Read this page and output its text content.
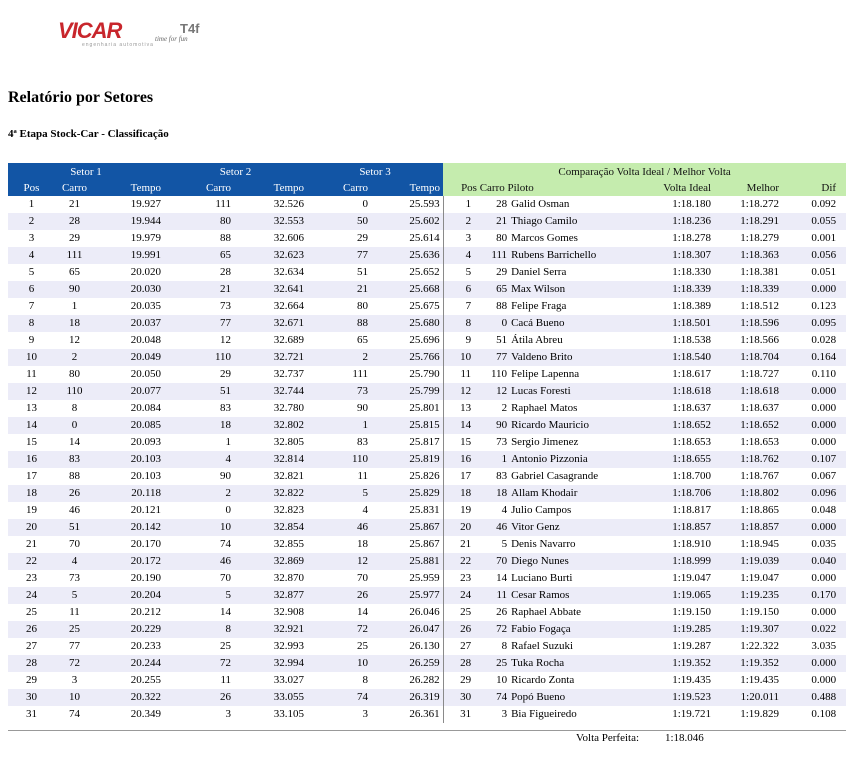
VICAR
engenharia automotiva
T4f
time for fun
Relatório por Setores
4ª Etapa Stock-Car - Classificação
Setor 1			Setor 2		Setor 3		Comparação Volta Ideal / Melhor Volta					
Pos	Carro	Tempo	Carro	Tempo	Carro	Tempo	Pos Carro Piloto			Volta Ideal	Melhor	Dif
1	21	19.927	111	32.526	0	25.593	1	28	Galid Osman	1:18.180	1:18.272	0.092
2	28	19.944	80	32.553	50	25.602	2	21	Thiago Camilo	1:18.236	1:18.291	0.055
3	29	19.979	88	32.606	29	25.614	3	80	Marcos Gomes	1:18.278	1:18.279	0.001
4	111	19.991	65	32.623	77	25.636	4	111	Rubens Barrichello	1:18.307	1:18.363	0.056
5	65	20.020	28	32.634	51	25.652	5	29	Daniel Serra	1:18.330	1:18.381	0.051
6	90	20.030	21	32.641	21	25.668	6	65	Max Wilson	1:18.339	1:18.339	0.000
7	1	20.035	73	32.664	80	25.675	7	88	Felipe Fraga	1:18.389	1:18.512	0.123
8	18	20.037	77	32.671	88	25.680	8	0	Cacá Bueno	1:18.501	1:18.596	0.095
9	12	20.048	12	32.689	65	25.696	9	51	Átila Abreu	1:18.538	1:18.566	0.028
10	2	20.049	110	32.721	2	25.766	10	77	Valdeno Brito	1:18.540	1:18.704	0.164
11	80	20.050	29	32.737	111	25.790	11	110	Felipe Lapenna	1:18.617	1:18.727	0.110
12	110	20.077	51	32.744	73	25.799	12	12	Lucas Foresti	1:18.618	1:18.618	0.000
13	8	20.084	83	32.780	90	25.801	13	2	Raphael Matos	1:18.637	1:18.637	0.000
14	0	20.085	18	32.802	1	25.815	14	90	Ricardo Mauricio	1:18.652	1:18.652	0.000
15	14	20.093	1	32.805	83	25.817	15	73	Sergio Jimenez	1:18.653	1:18.653	0.000
16	83	20.103	4	32.814	110	25.819	16	1	Antonio Pizzonia	1:18.655	1:18.762	0.107
17	88	20.103	90	32.821	11	25.826	17	83	Gabriel Casagrande	1:18.700	1:18.767	0.067
18	26	20.118	2	32.822	5	25.829	18	18	Allam Khodair	1:18.706	1:18.802	0.096
19	46	20.121	0	32.823	4	25.831	19	4	Julio Campos	1:18.817	1:18.865	0.048
20	51	20.142	10	32.854	46	25.867	20	46	Vitor Genz	1:18.857	1:18.857	0.000
21	70	20.170	74	32.855	18	25.867	21	5	Denis Navarro	1:18.910	1:18.945	0.035
22	4	20.172	46	32.869	12	25.881	22	70	Diego Nunes	1:18.999	1:19.039	0.040
23	73	20.190	70	32.870	70	25.959	23	14	Luciano Burti	1:19.047	1:19.047	0.000
24	5	20.204	5	32.877	26	25.977	24	11	Cesar Ramos	1:19.065	1:19.235	0.170
25	11	20.212	14	32.908	14	26.046	25	26	Raphael Abbate	1:19.150	1:19.150	0.000
26	25	20.229	8	32.921	72	26.047	26	72	Fabio Fogaça	1:19.285	1:19.307	0.022
27	77	20.233	25	32.993	25	26.130	27	8	Rafael Suzuki	1:19.287	1:22.322	3.035
28	72	20.244	72	32.994	10	26.259	28	25	Tuka Rocha	1:19.352	1:19.352	0.000
29	3	20.255	11	33.027	8	26.282	29	10	Ricardo Zonta	1:19.435	1:19.435	0.000
30	10	20.322	26	33.055	74	26.319	30	74	Popó Bueno	1:19.523	1:20.011	0.488
31	74	20.349	3	33.105	3	26.361	31	3	Bia Figueiredo	1:19.721	1:19.829	0.108
Volta Perfeita: 1:18.046
